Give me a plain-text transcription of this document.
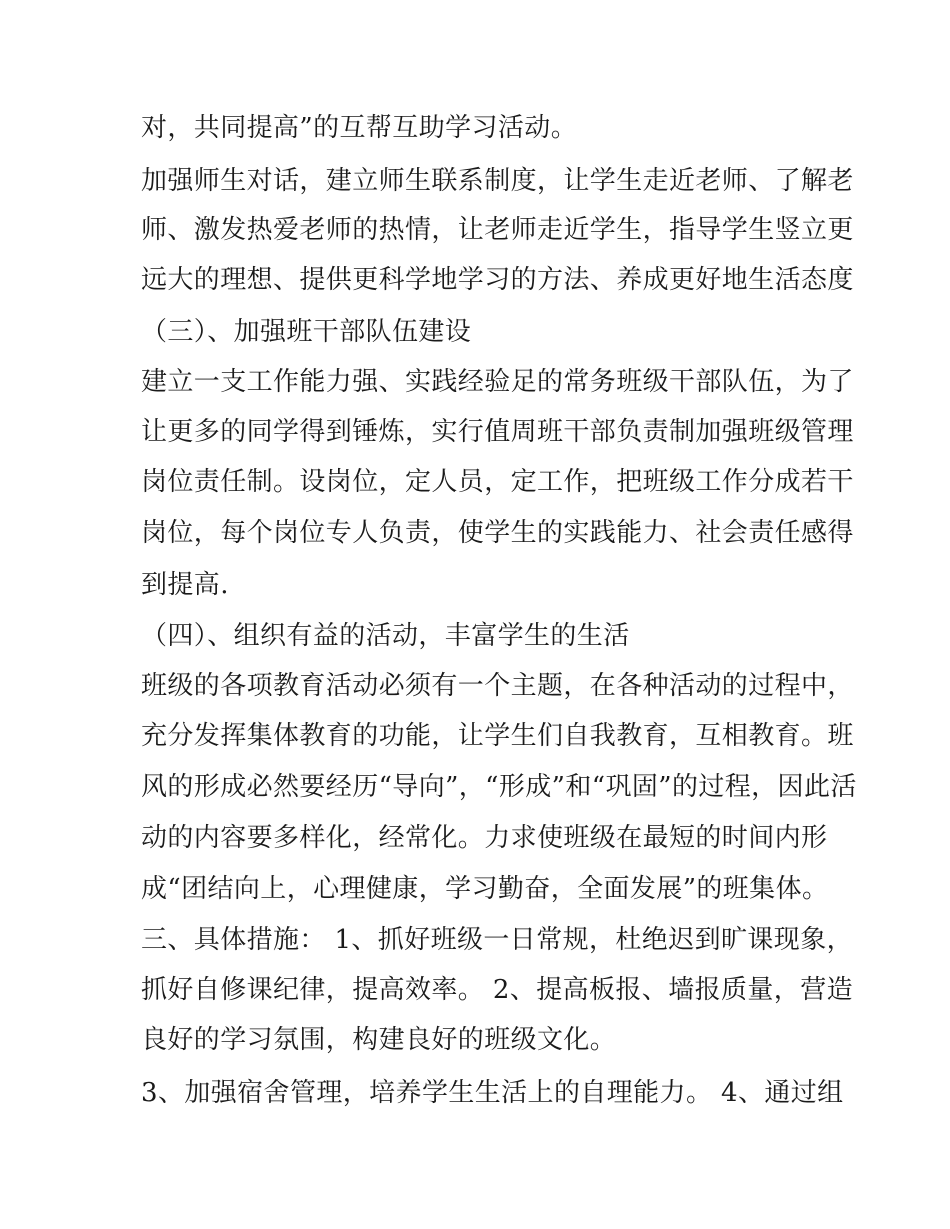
对，共同提高”的互帮互助学习活动。
加强师生对话，建立师生联系制度，让学生走近老师、了解老
师、激发热爱老师的热情，让老师走近学生，指导学生竖立更
远大的理想、提供更科学地学习的方法、养成更好地生活态度
（三）、加强班干部队伍建设
建立一支工作能力强、实践经验足的常务班级干部队伍，为了
让更多的同学得到锤炼，实行值周班干部负责制加强班级管理
岗位责任制。设岗位，定人员，定工作，把班级工作分成若干
岗位，每个岗位专人负责，使学生的实践能力、社会责任感得
到提高.
（四）、组织有益的活动，丰富学生的生活
班级的各项教育活动必须有一个主题，在各种活动的过程中，
充分发挥集体教育的功能，让学生们自我教育，互相教育。班
风的形成必然要经历“导向”，“形成”和“巩固”的过程，因此活
动的内容要多样化，经常化。力求使班级在最短的时间内形
成“团结向上，心理健康，学习勤奋，全面发展”的班集体。
三、具体措施： 1、抓好班级一日常规，杜绝迟到旷课现象，
抓好自修课纪律，提高效率。 2、提高板报、墙报质量，营造
良好的学习氛围，构建良好的班级文化。
3、加强宿舍管理，培养学生生活上的自理能力。 4、通过组
